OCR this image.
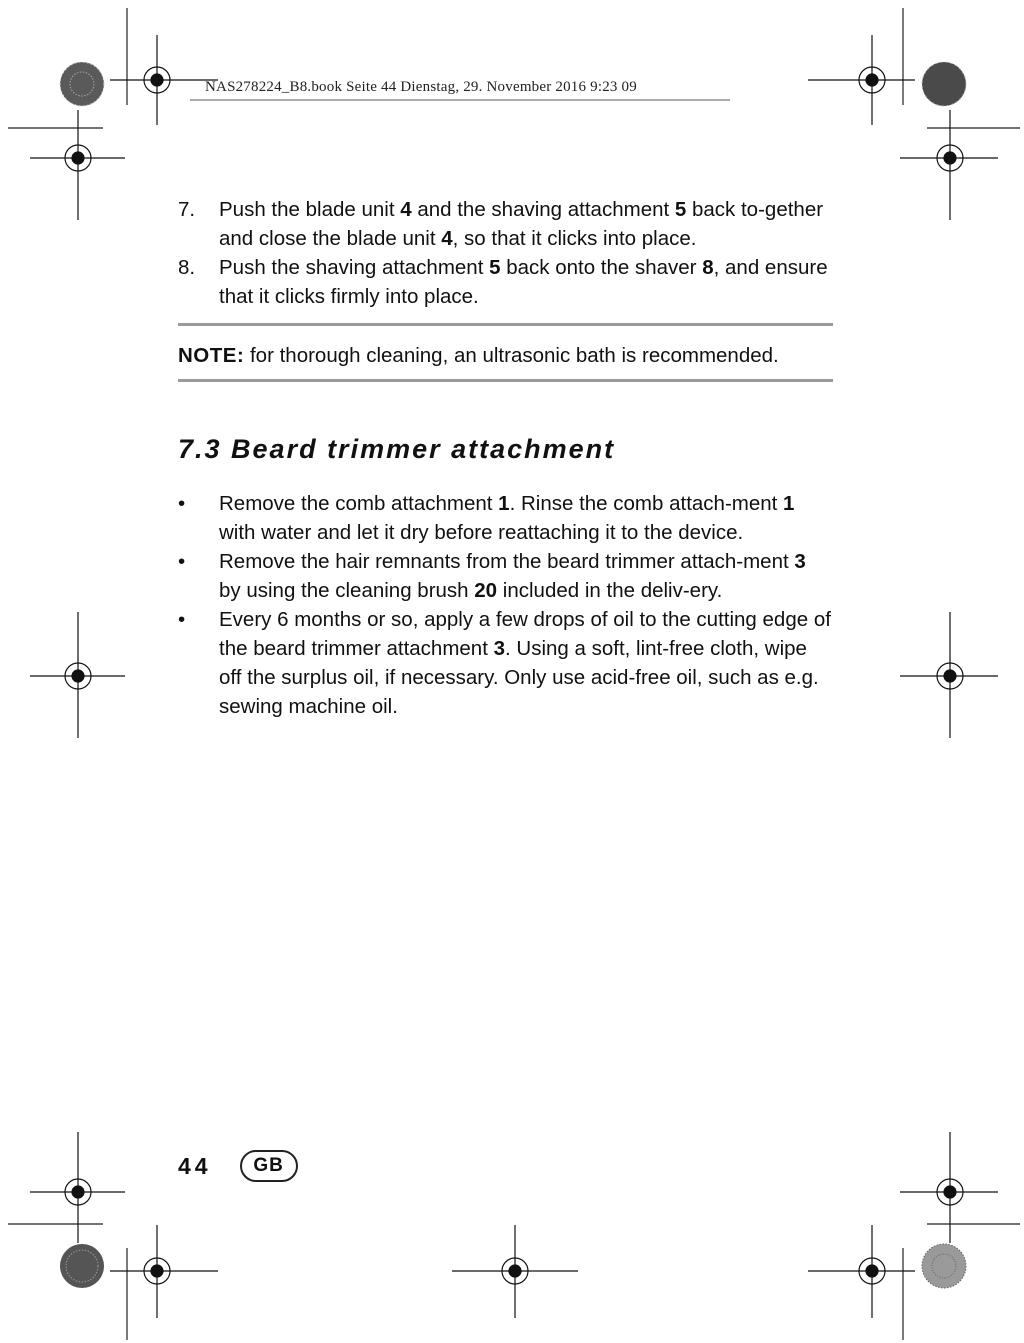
NAS278224_B8.book Seite 44 Dienstag, 29. November 2016 9:23 09
7.	Push the blade unit 4 and the shaving attachment 5 back to-gether and close the blade unit 4, so that it clicks into place.
8.	Push the shaving attachment 5 back onto the shaver 8, and ensure that it clicks firmly into place.
NOTE: for thorough cleaning, an ultrasonic bath is recommended.
7.3 Beard trimmer attachment
•	Remove the comb attachment 1. Rinse the comb attach-ment 1 with water and let it dry before reattaching it to the device.
•	Remove the hair remnants from the beard trimmer attach-ment 3 by using the cleaning brush 20 included in the deliv-ery.
•	Every 6 months or so, apply a few drops of oil to the cutting edge of the beard trimmer attachment 3. Using a soft, lint-free cloth, wipe off the surplus oil, if necessary. Only use acid-free oil, such as e.g. sewing machine oil.
44	GB
